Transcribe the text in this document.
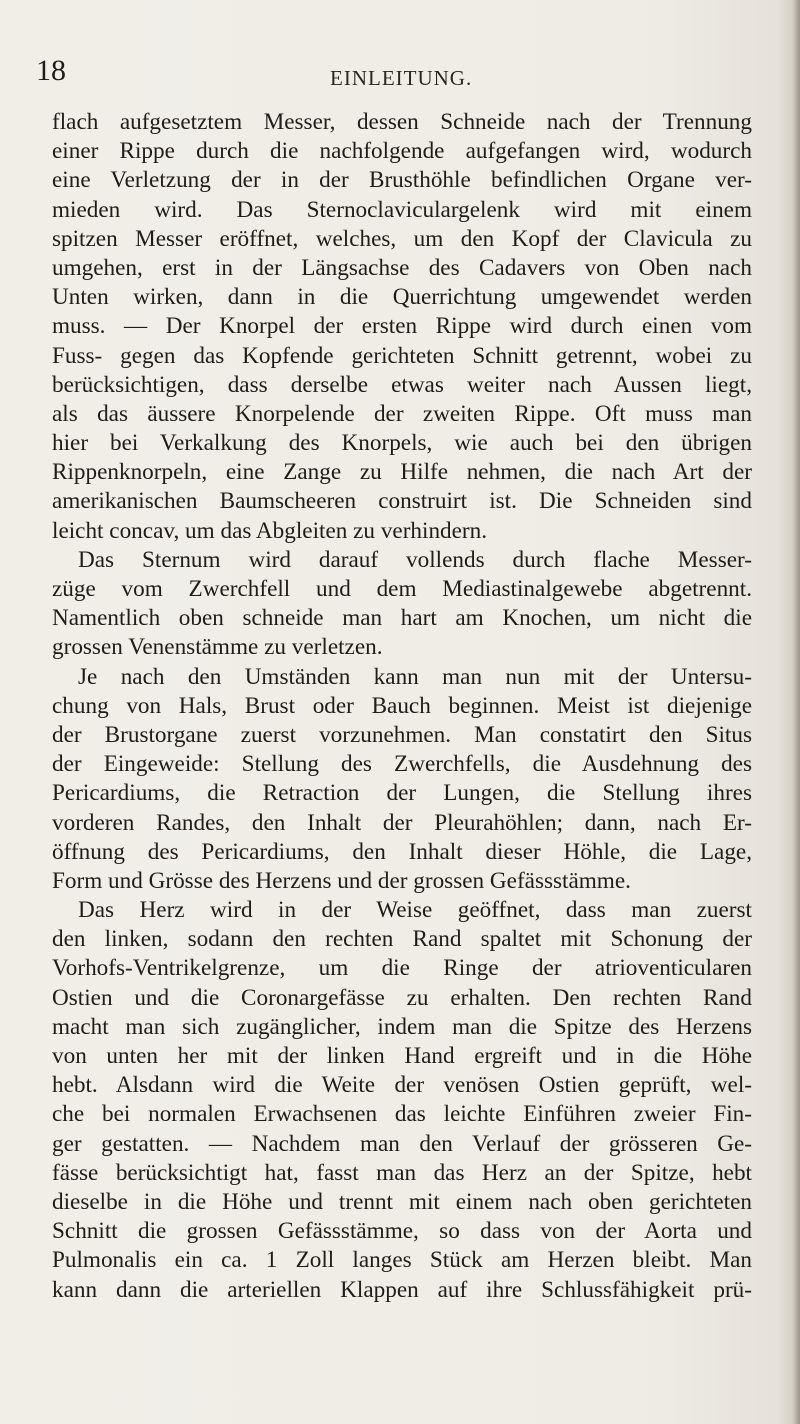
18	EINLEITUNG.
flach aufgesetztem Messer, dessen Schneide nach der Trennung
einer Rippe durch die nachfolgende aufgefangen wird, wodurch
eine Verletzung der in der Brusthöhle befindlichen Organe ver-
mieden wird. Das Sternoclaviculargelenk wird mit einem
spitzen Messer eröffnet, welches, um den Kopf der Clavicula zu
umgehen, erst in der Längsachse des Cadavers von Oben nach
Unten wirken, dann in die Querrichtung umgewendet werden
muss. — Der Knorpel der ersten Rippe wird durch einen vom
Fuss- gegen das Kopfende gerichteten Schnitt getrennt, wobei zu
berücksichtigen, dass derselbe etwas weiter nach Aussen liegt,
als das äussere Knorpelende der zweiten Rippe. Oft muss man
hier bei Verkalkung des Knorpels, wie auch bei den übrigen
Rippenknorpeln, eine Zange zu Hilfe nehmen, die nach Art der
amerikanischen Baumscheeren construirt ist. Die Schneiden sind
leicht concav, um das Abgleiten zu verhindern.
Das Sternum wird darauf vollends durch flache Messer-
züge vom Zwerchfell und dem Mediastinalgewebe abgetrennt.
Namentlich oben schneide man hart am Knochen, um nicht die
grossen Venenstämme zu verletzen.
Je nach den Umständen kann man nun mit der Untersu-
chung von Hals, Brust oder Bauch beginnen. Meist ist diejenige
der Brustorgane zuerst vorzunehmen. Man constatirt den Situs
der Eingeweide: Stellung des Zwerchfells, die Ausdehnung des
Pericardiums, die Retraction der Lungen, die Stellung ihres
vorderen Randes, den Inhalt der Pleurahöhlen; dann, nach Er-
öffnung des Pericardiums, den Inhalt dieser Höhle, die Lage,
Form und Grösse des Herzens und der grossen Gefässstämme.
Das Herz wird in der Weise geöffnet, dass man zuerst
den linken, sodann den rechten Rand spaltet mit Schonung der
Vorhofs-Ventrikelgrenze, um die Ringe der atrioventicularen
Ostien und die Coronargefässe zu erhalten. Den rechten Rand
macht man sich zugänglicher, indem man die Spitze des Herzens
von unten her mit der linken Hand ergreift und in die Höhe
hebt. Alsdann wird die Weite der venösen Ostien geprüft, wel-
che bei normalen Erwachsenen das leichte Einführen zweier Fin-
ger gestatten. — Nachdem man den Verlauf der grösseren Ge-
fässe berücksichtigt hat, fasst man das Herz an der Spitze, hebt
dieselbe in die Höhe und trennt mit einem nach oben gerichteten
Schnitt die grossen Gefässstämme, so dass von der Aorta und
Pulmonalis ein ca. 1 Zoll langes Stück am Herzen bleibt. Man
kann dann die arteriellen Klappen auf ihre Schlussfähigkeit prü-
